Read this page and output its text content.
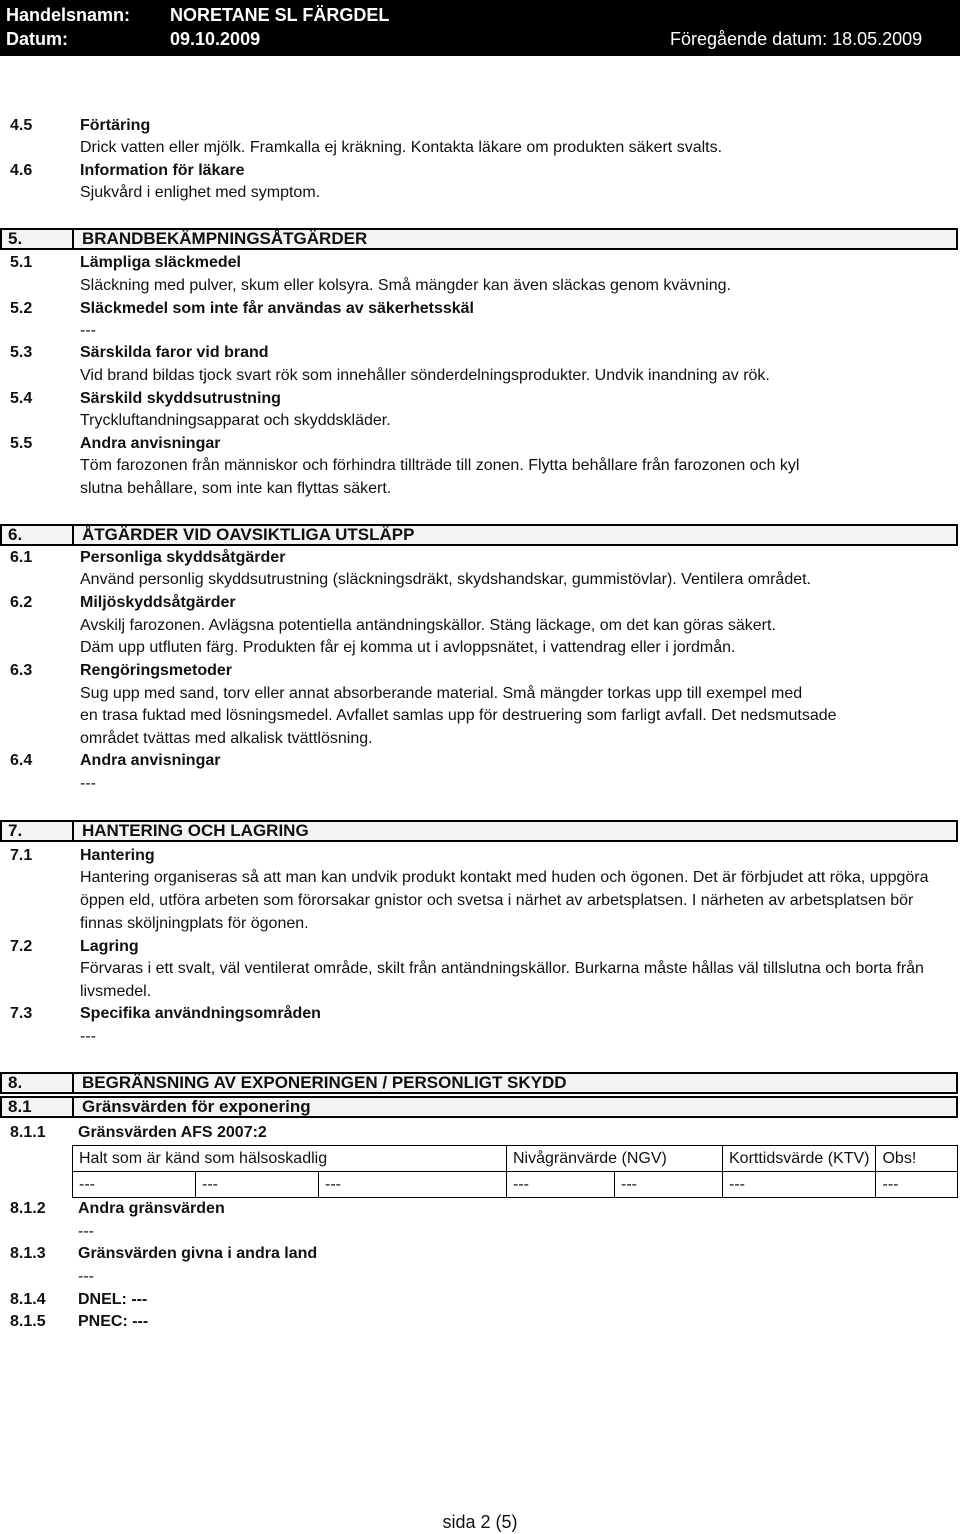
Handelsnamn: NORETANE SL FÄRGDEL
Datum:	09.10.2009	Föregående datum: 18.05.2009
4.5	Förtäring
Drick vatten eller mjölk. Framkalla ej kräkning. Kontakta läkare om produkten säkert svalts.
4.6	Information för läkare
Sjukvård i enlighet med symptom.
5.	BRANDBEKÄMPNINGSÅTGÄRDER
5.1	Lämpliga släckmedel
Släckning med pulver, skum eller kolsyra. Små mängder kan även släckas genom kvävning.
5.2	Släckmedel som inte får användas av säkerhetsskäl
---
5.3	Särskilda faror vid brand
Vid brand bildas tjock svart rök som innehåller sönderdelningsprodukter. Undvik inandning av rök.
5.4	Särskild skyddsutrustning
Tryckluftandningsapparat och skyddskläder.
5.5	Andra anvisningar
Töm farozonen från människor och förhindra tillträde till zonen. Flytta behållare från farozonen och kyl
slutna behållare, som inte kan flyttas säkert.
6.	ÅTGÄRDER VID OAVSIKTLIGA UTSLÄPP
6.1	Personliga skyddsåtgärder
Använd personlig skyddsutrustning (släckningsdräkt, skydshandskar, gummistövlar). Ventilera området.
6.2	Miljöskyddsåtgärder
Avskilj farozonen. Avlägsna potentiella antändningskällor. Stäng läckage, om det kan göras säkert.
Däm upp utfluten färg. Produkten får ej komma ut i avloppsnätet, i vattendrag eller i jordmån.
6.3	Rengöringsmetoder
Sug upp med sand, torv eller annat absorberande material. Små mängder torkas upp till exempel med
en trasa fuktad med lösningsmedel. Avfallet samlas upp för destruering som farligt avfall. Det nedsmutsade
området tvättas med alkalisk tvättlösning.
6.4	Andra anvisningar
---
7.	HANTERING OCH LAGRING
7.1	Hantering
Hantering organiseras så att man kan undvik produkt kontakt med huden och ögonen. Det är förbjudet att röka, uppgöra
öppen eld, utföra arbeten som förorsakar gnistor och svetsa i närhet av arbetsplatsen. I närheten av arbetsplatsen bör
finnas sköljningplats för ögonen.
7.2	Lagring
Förvaras i ett svalt, väl ventilerat område, skilt från antändningskällor. Burkarna måste hållas väl tillslutna och borta från
livsmedel.
7.3	Specifika användningsområden
---
8.	BEGRÄNSNING AV EXPONERINGEN / PERSONLIGT SKYDD
8.1	Gränsvärden för exponering
8.1.1 Gränsvärden AFS 2007:2
Halt som är känd som hälsoskadlig			Nivågränvärde (NGV)		Korttidsvärde (KTV)	Obs!
---	---	---	---	---	---	---
8.1.2 Andra gränsvärden
---
8.1.3 Gränsvärden givna i andra land
---
8.1.4 DNEL: ---
8.1.5 PNEC: ---
sida 2 (5)
